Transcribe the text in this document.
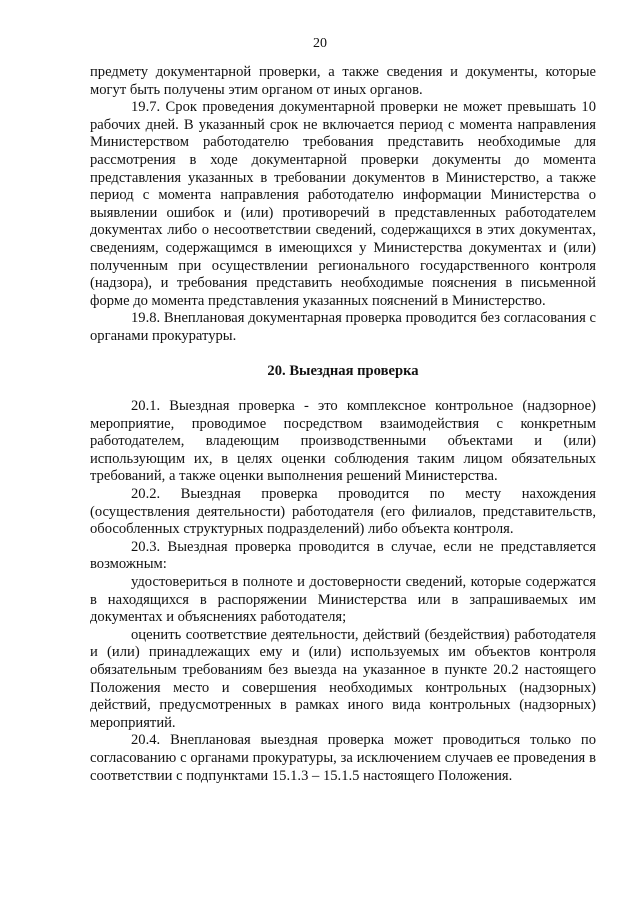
20

предмету документарной проверки, а также сведения и документы, которые могут быть получены этим органом от иных органов.

19.7. Срок проведения документарной проверки не может превышать 10 рабочих дней. В указанный срок не включается период с момента направления Министерством работодателю требования представить необходимые для рассмотрения в ходе документарной проверки документы до момента представления указанных в требовании документов в Министерство, а также период с момента направления работодателю информации Министерства о выявлении ошибок и (или) противоречий в представленных работодателем документах либо о несоответствии сведений, содержащихся в этих документах, сведениям, содержащимся в имеющихся у Министерства документах и (или) полученным при осуществлении регионального государственного контроля (надзора), и требования представить необходимые пояснения в письменной форме до момента представления указанных пояснений в Министерство.

19.8. Внеплановая документарная проверка проводится без согласования с органами прокуратуры.

20. Выездная проверка

20.1. Выездная проверка - это комплексное контрольное (надзорное) мероприятие, проводимое посредством взаимодействия с конкретным работодателем, владеющим производственными объектами и (или) использующим их, в целях оценки соблюдения таким лицом обязательных требований, а также оценки выполнения решений Министерства.

20.2. Выездная проверка проводится по месту нахождения (осуществления деятельности) работодателя (его филиалов, представительств, обособленных структурных подразделений) либо объекта контроля.

20.3. Выездная проверка проводится в случае, если не представляется возможным:

удостовериться в полноте и достоверности сведений, которые содержатся в находящихся в распоряжении Министерства или в запрашиваемых им документах и объяснениях работодателя;

оценить соответствие деятельности, действий (бездействия) работодателя и (или) принадлежащих ему и (или) используемых им объектов контроля обязательным требованиям без выезда на указанное в пункте 20.2 настоящего Положения место и совершения необходимых контрольных (надзорных) действий, предусмотренных в рамках иного вида контрольных (надзорных) мероприятий.

20.4. Внеплановая выездная проверка может проводиться только по согласованию с органами прокуратуры, за исключением случаев ее проведения в соответствии с подпунктами 15.1.3 – 15.1.5 настоящего Положения.
